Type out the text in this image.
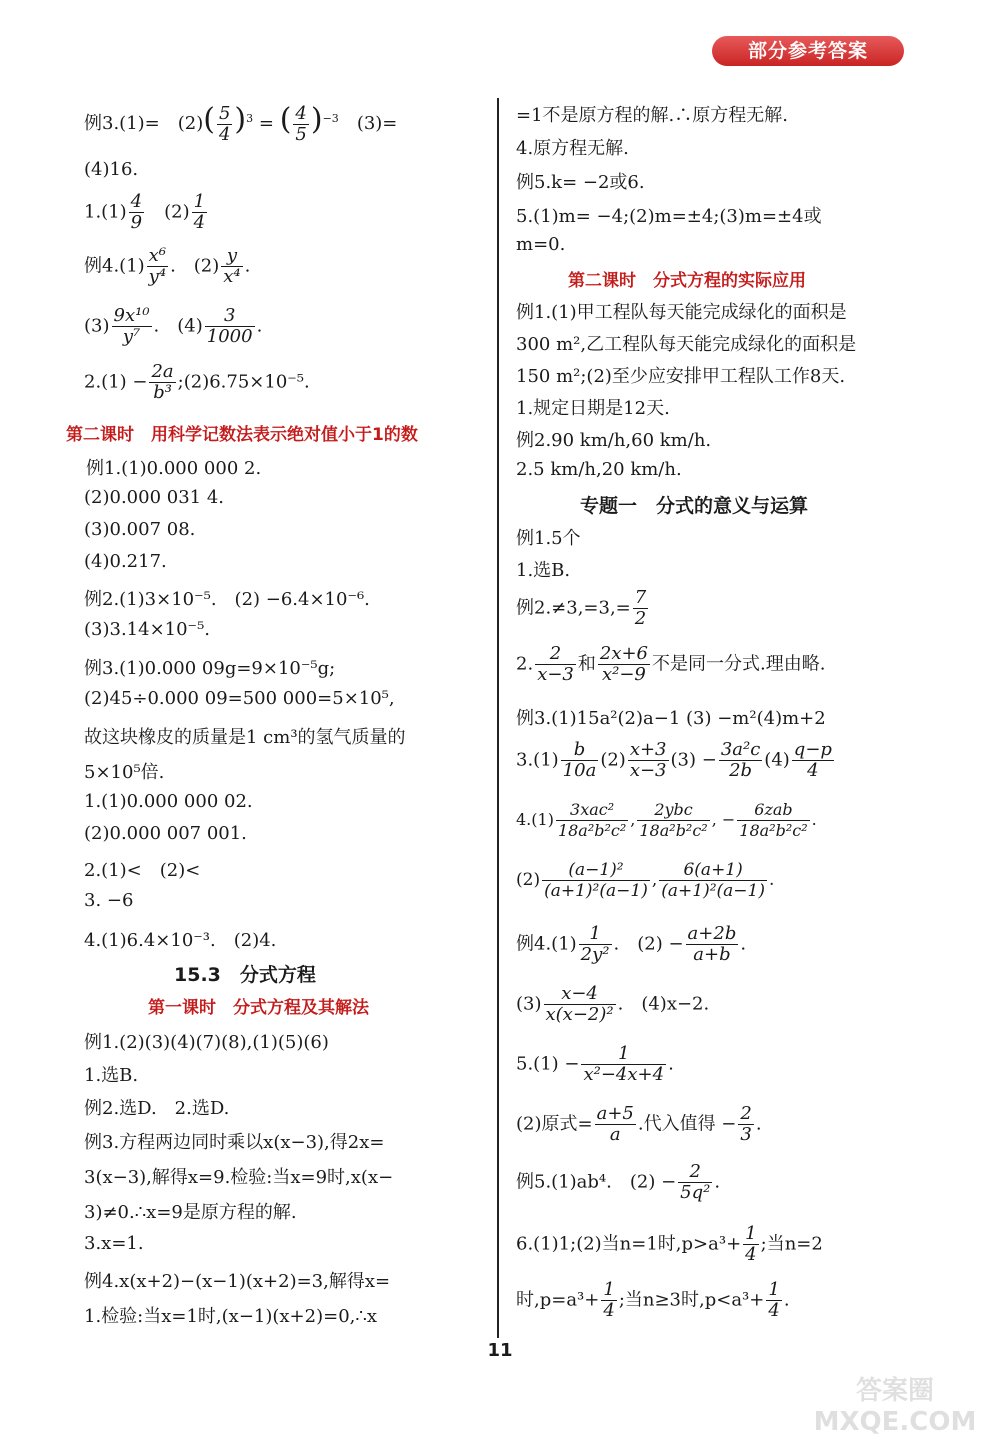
部分参考答案
例3.(1)=　$(2)( \frac{5}{4} )^3$ = ( $\frac{4}{5} )^{-3}$　 (3)=
(4)16.
$1.(1) \frac{4}{9}$
　 $(2) \frac{1}{4}$
例$4.(1) \frac{\text{x⁶}}{\text{y⁴}}$ .　$(2) \frac{y}{\text{x⁴}}$ .
$(3) \frac{\text{9x¹⁰}}{\text{y⁷}}$ .　$(4) \frac{3}{1000}$ .
$2.(1) - \frac{2a}{\text{b³}}$ ;(2)6.75×10⁻⁵.
第二课时　用科学记数法表示绝对值小于1的数
例1.(1)0.000 000 2.
(2)0.000 031 4.
(3)0.007 08.
(4)0.217.
例2.(1)3×10⁻⁵.　(2) −6.4×10⁻⁶.
(3)3.14×10⁻⁵.
例3.(1)0.000 09g=9×10⁻⁵g;
(2)45÷0.000 09=500 000=5×10⁵,
故这块橡皮的质量是1 cm³的氢气质量的
5×10⁵倍.
1.(1)0.000 000 02.
(2)0.000 007 001.
2.(1)<　(2)<
3. −6
4.(1)6.4×10⁻³.　(2)4.
15.3　分式方程
第一课时　分式方程及其解法
例1.(2)(3)(4)(7)(8),(1)(5)(6)
1.选B.
例2.选D.　2.选D.
例3.方程两边同时乘以x(x−3),得2x=
3(x−3),解得x=9.检验:当x=9时,x(x−
3)≠0.∴x=9是原方程的解.
3.x=1.
例4.x(x+2)−(x−1)(x+2)=3,解得x=
1.检验:当x=1时,(x−1)(x+2)=0,∴x
=1不是原方程的解.∴原方程无解.
4.原方程无解.
例5.k= −2或6.
5.(1)m= −4;(2)m=±4;(3)m=±4或
m=0.
第二课时　分式方程的实际应用
例1.(1)甲工程队每天能完成绿化的面积是
300 m²,乙工程队每天能完成绿化的面积是
150 m²;(2)至少应安排甲工程队工作8天.
1.规定日期是12天.
例2.90 km/h,60 km/h.
2.5 km/h,20 km/h.
专题一　分式的意义与运算
例1.5个
1.选B.
例$2.\ne 3,=3,= \frac{7}{2}$
2. $\frac{2}{x-3}$ 和 $\frac{2x+6}{\text{x²−9}}$ 不是同一分式.理由略.
例3.(1)15a²(2)a−1 (3) −m²(4)m+2
$3.(1) \frac{b}{10a} (2) \frac{x+3}{x-3} (3) - \frac{\text{3a²c}}{2b} (4) \frac{q-p}{4}$
$4.(1) \frac{\text{3xac²}}{\text{18a²b²c²}}$ , $\frac{\text{2ybc}}{\text{18a²b²c²}}$ , − $\frac{\text{6zab}}{\text{18a²b²c²}}$ .
$(2) \frac{\text{(a−1)²}}{\text{(a+1)²(a−1)}}$ , $\frac{6(a+1)}{\text{(a+1)²(a−1)}}$ .
例$4.(1) \frac{1}{\text{2y²}}$ .　$(2) - \frac{a+2b}{a+b}$ .
$(3) \frac{x-4}{\text{x(x−2)²}}$ .　(4)x−2.
$5.(1) - \frac{1}{\text{x²−4x+4}}$ .
(2)原式= $\frac{a+5}{a}$ .代入值得 − $\frac{2}{3}$ .
例5.(1)ab⁴.　$(2) - \frac{2}{\text{5q²}}$ .
6.(1)1;(2)当n=1时$,p>a^3+ \frac{1}{4}$ ;当n=2
时$,p=a^3+ \frac{1}{4}$ ;当n≥3时$,p<a^3+ \frac{1}{4}$ .
11
答案圈 MXQE.COM
